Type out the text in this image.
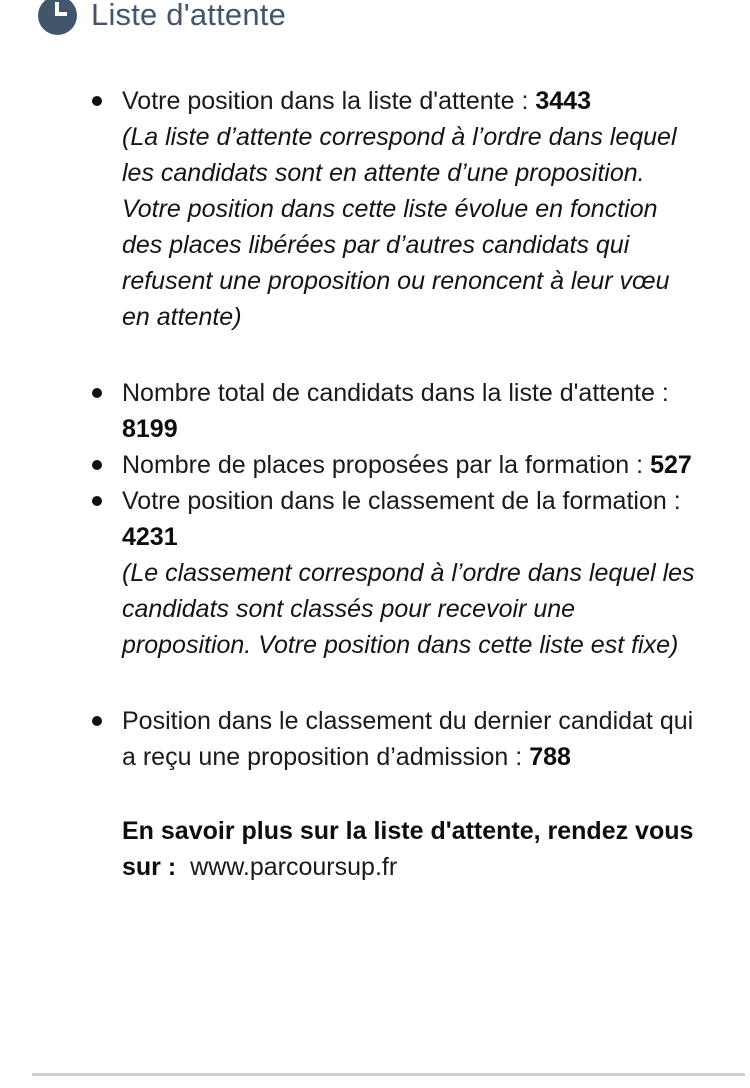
Liste d'attente
Votre position dans la liste d'attente : 3443
(La liste d’attente correspond à l’ordre dans lequel les candidats sont en attente d’une proposition. Votre position dans cette liste évolue en fonction des places libérées par d’autres candidats qui refusent une proposition ou renoncent à leur vœu en attente)
Nombre total de candidats dans la liste d'attente : 8199
Nombre de places proposées par la formation : 527
Votre position dans le classement de la formation : 4231
(Le classement correspond à l’ordre dans lequel les candidats sont classés pour recevoir une proposition. Votre position dans cette liste est fixe)
Position dans le classement du dernier candidat qui a reçu une proposition d’admission : 788

En savoir plus sur la liste d'attente, rendez vous sur : www.parcoursup.fr
